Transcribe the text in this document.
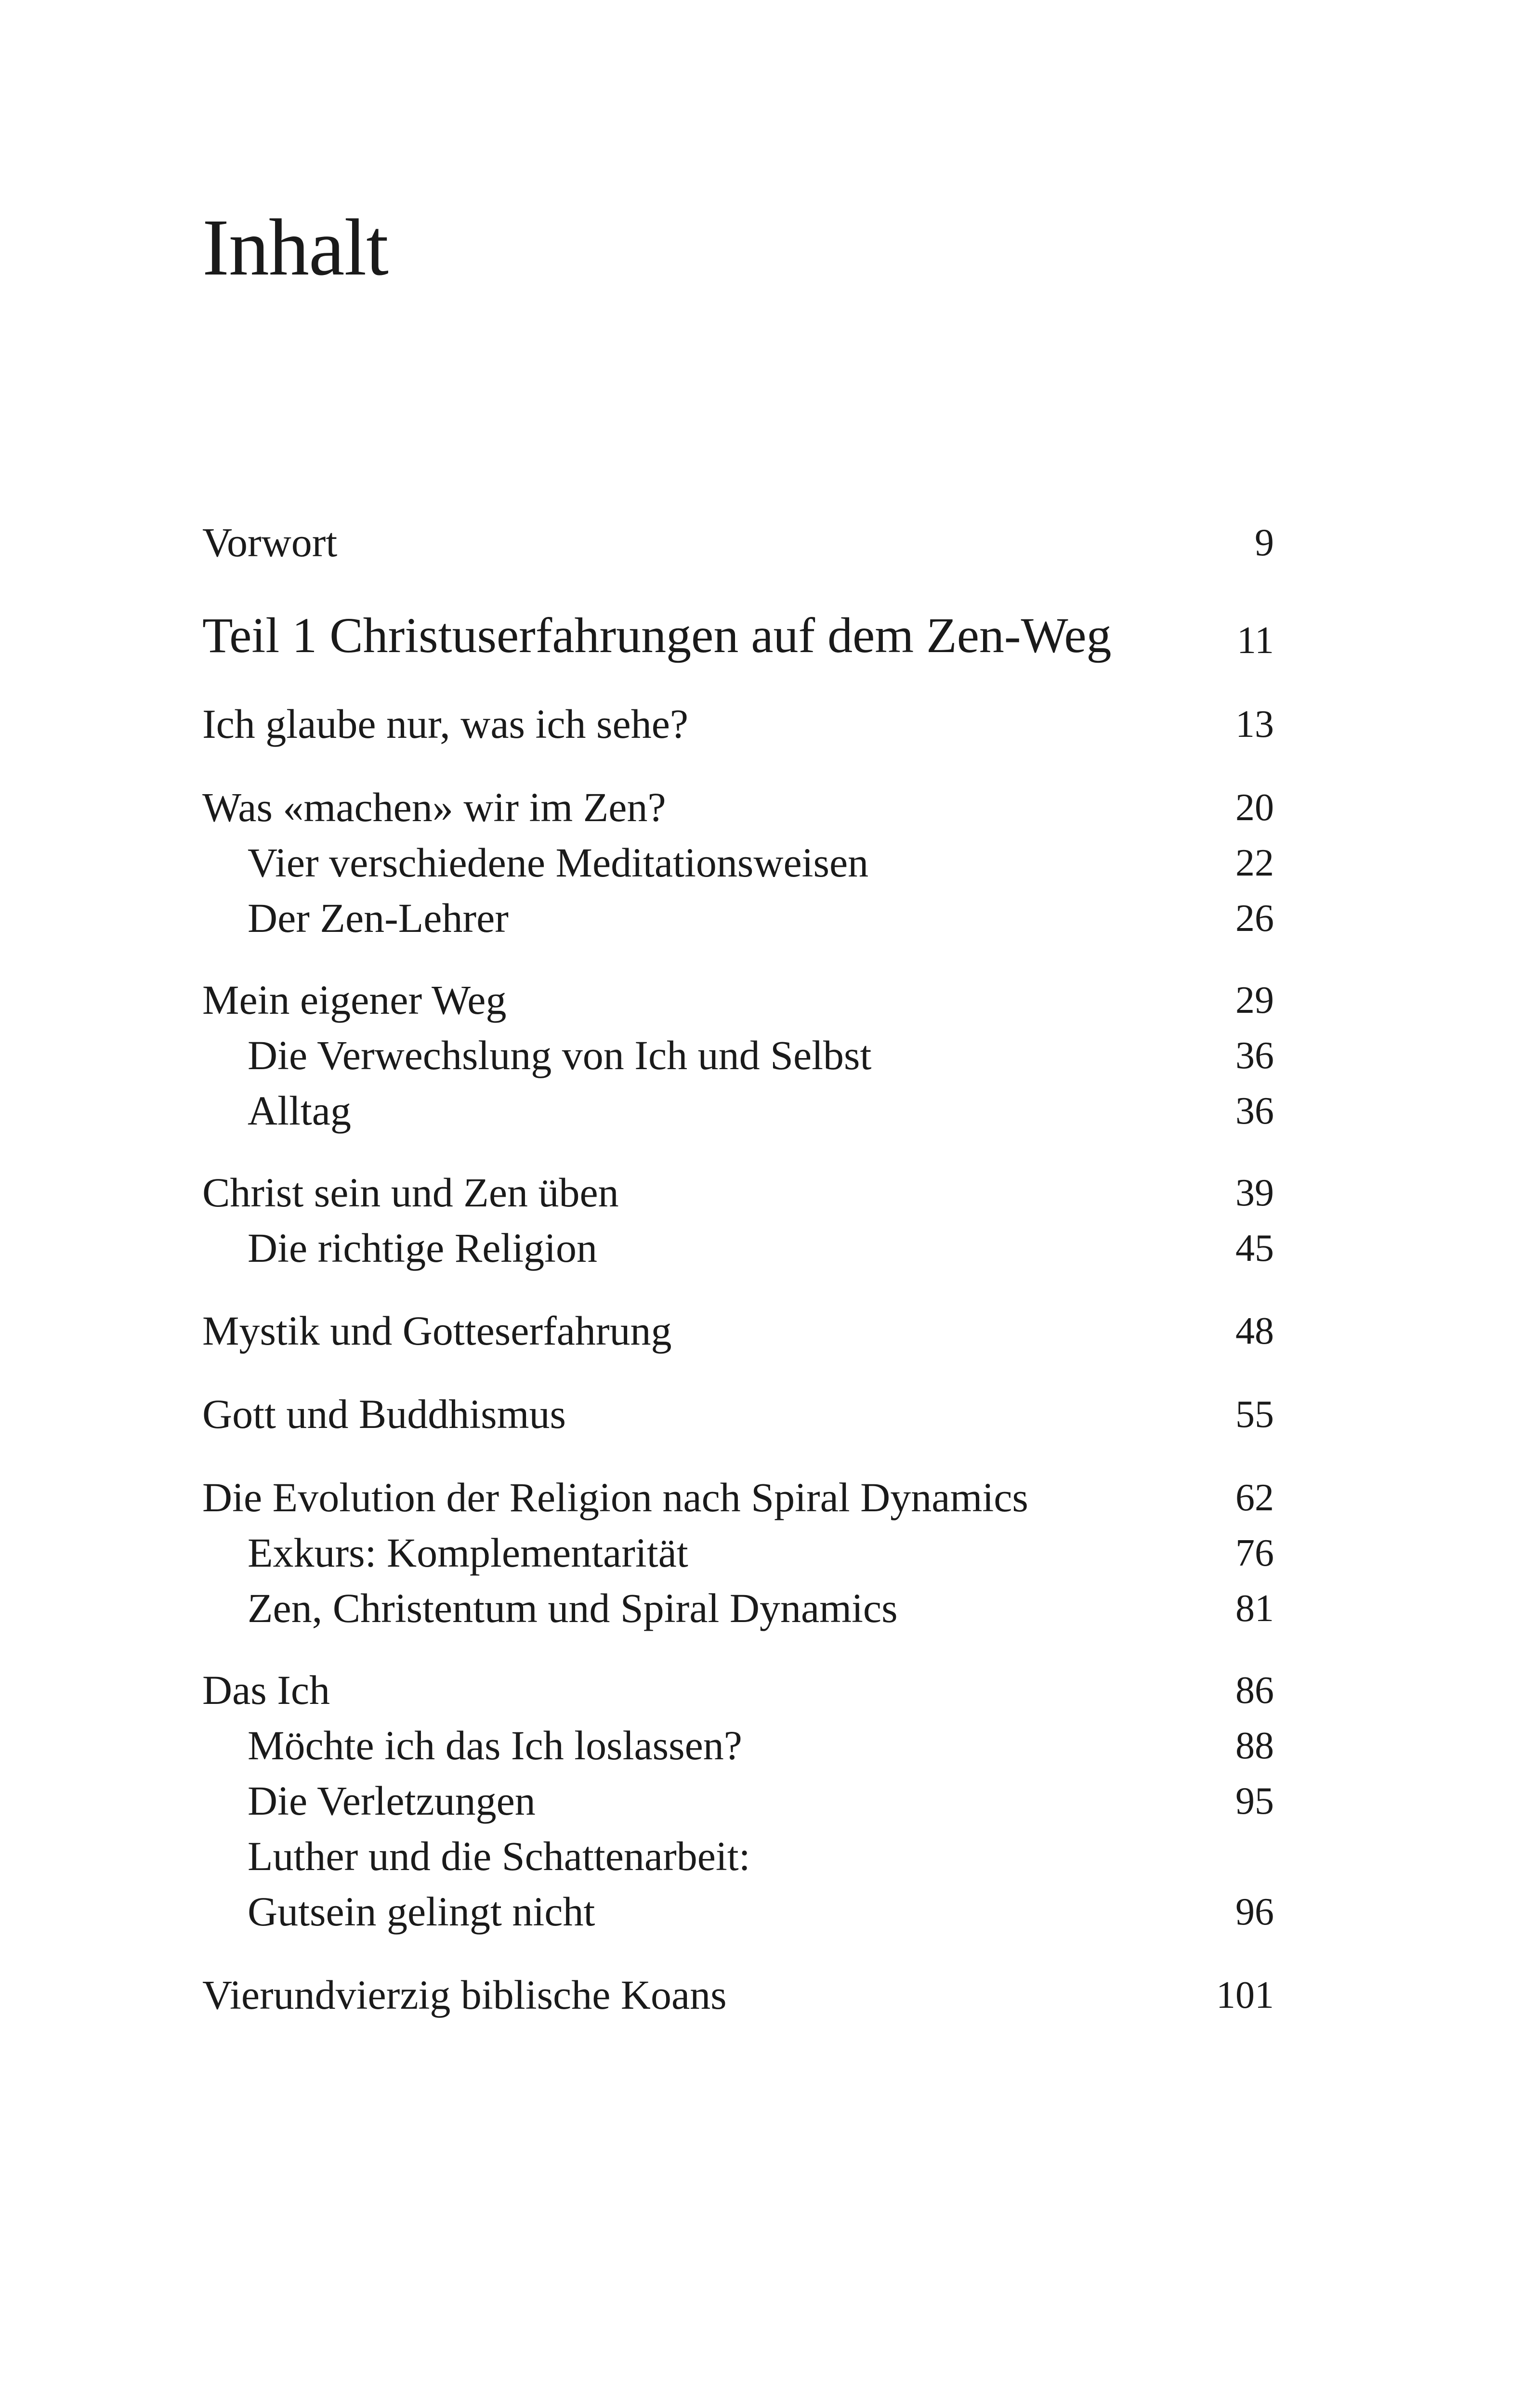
Inhalt
Vorwort	9
Teil 1 Christuserfahrungen auf dem Zen-Weg	11
Ich glaube nur, was ich sehe?	13
Was «machen» wir im Zen?	20
Vier verschiedene Meditationsweisen	22
Der Zen-Lehrer	26
Mein eigener Weg	29
Die Verwechslung von Ich und Selbst	36
Alltag	36
Christ sein und Zen üben	39
Die richtige Religion	45
Mystik und Gotteserfahrung	48
Gott und Buddhismus	55
Die Evolution der Religion nach Spiral Dynamics	62
Exkurs: Komplementarität	76
Zen, Christentum und Spiral Dynamics	81
Das Ich	86
Möchte ich das Ich loslassen?	88
Die Verletzungen	95
Luther und die Schattenarbeit:
Gutsein gelingt nicht	96
Vierundvierzig biblische Koans	101
